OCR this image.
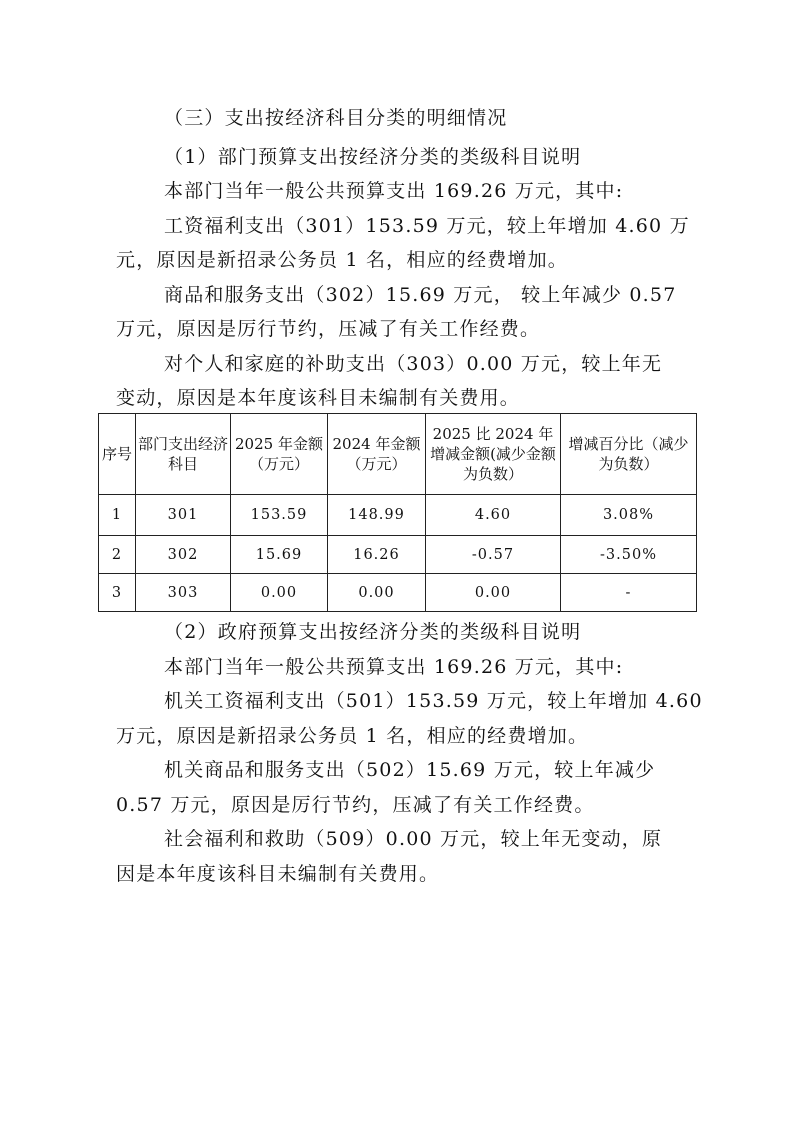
（三）支出按经济科目分类的明细情况
（1）部门预算支出按经济分类的类级科目说明
本部门当年一般公共预算支出 169.26 万元，其中:
工资福利支出（301）153.59 万元，较上年增加 4.60 万
元，原因是新招录公务员 1 名，相应的经费增加。
商品和服务支出（302）15.69 万元， 较上年减少 0.57
万元，原因是厉行节约，压减了有关工作经费。
对个人和家庭的补助支出（303）0.00 万元，较上年无
变动，原因是本年度该科目未编制有关费用。
序号	部门支出经济科目	2025 年金额（万元）	2024 年金额（万元）	2025 比 2024 年增减金额(减少金额为负数）	增减百分比（减少为负数）
1	301	153.59	148.99	4.60	3.08%
2	302	15.69	16.26	-0.57	-3.50%
3	303	0.00	0.00	0.00	-
（2）政府预算支出按经济分类的类级科目说明
本部门当年一般公共预算支出 169.26 万元，其中:
机关工资福利支出（501）153.59 万元，较上年增加 4.60
万元，原因是新招录公务员 1 名，相应的经费增加。
机关商品和服务支出（502）15.69 万元，较上年减少
0.57 万元，原因是厉行节约，压减了有关工作经费。
社会福利和救助（509）0.00 万元，较上年无变动，原
因是本年度该科目未编制有关费用。
